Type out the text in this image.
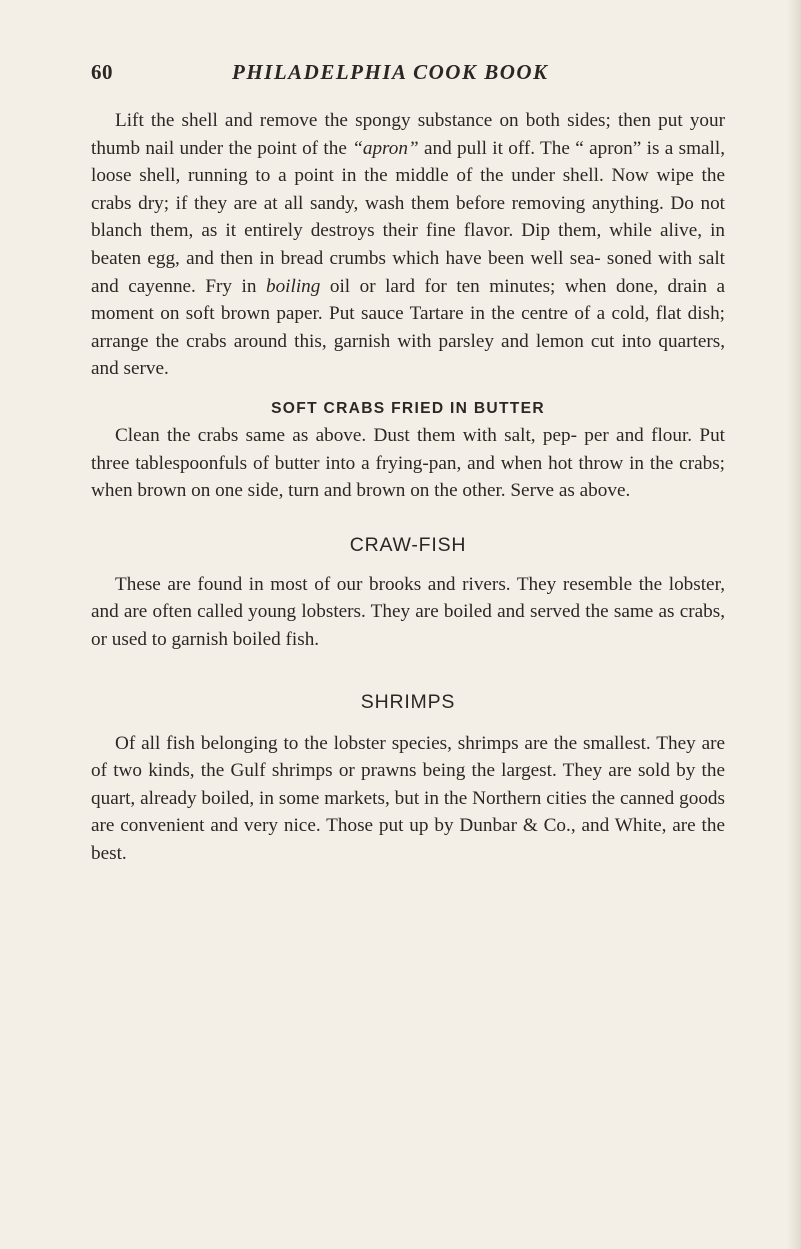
60	PHILADELPHIA COOK BOOK

Lift the shell and remove the spongy substance on both sides; then put your thumb nail under the point of the “apron” and pull it off. The “ apron” is a small, loose shell, running to a point in the middle of the under shell. Now wipe the crabs dry; if they are at all sandy, wash them before removing anything. Do not blanch them, as it entirely destroys their fine flavor. Dip them, while alive, in beaten egg, and then in bread crumbs which have been well sea- soned with salt and cayenne. Fry in boiling oil or lard for ten minutes; when done, drain a moment on soft brown paper. Put sauce Tartare in the centre of a cold, flat dish; arrange the crabs around this, garnish with parsley and lemon cut into quarters, and serve.

SOFT CRABS FRIED IN BUTTER

Clean the crabs same as above. Dust them with salt, pep- per and flour. Put three tablespoonfuls of butter into a frying-pan, and when hot throw in the crabs; when brown on one side, turn and brown on the other. Serve as above.

CRAW-FISH

These are found in most of our brooks and rivers. They resemble the lobster, and are often called young lobsters. They are boiled and served the same as crabs, or used to garnish boiled fish.

SHRIMPS

Of all fish belonging to the lobster species, shrimps are the smallest. They are of two kinds, the Gulf shrimps or prawns being the largest. They are sold by the quart, already boiled, in some markets, but in the Northern cities the canned goods are convenient and very nice. Those put up by Dunbar & Co., and White, are the best.
